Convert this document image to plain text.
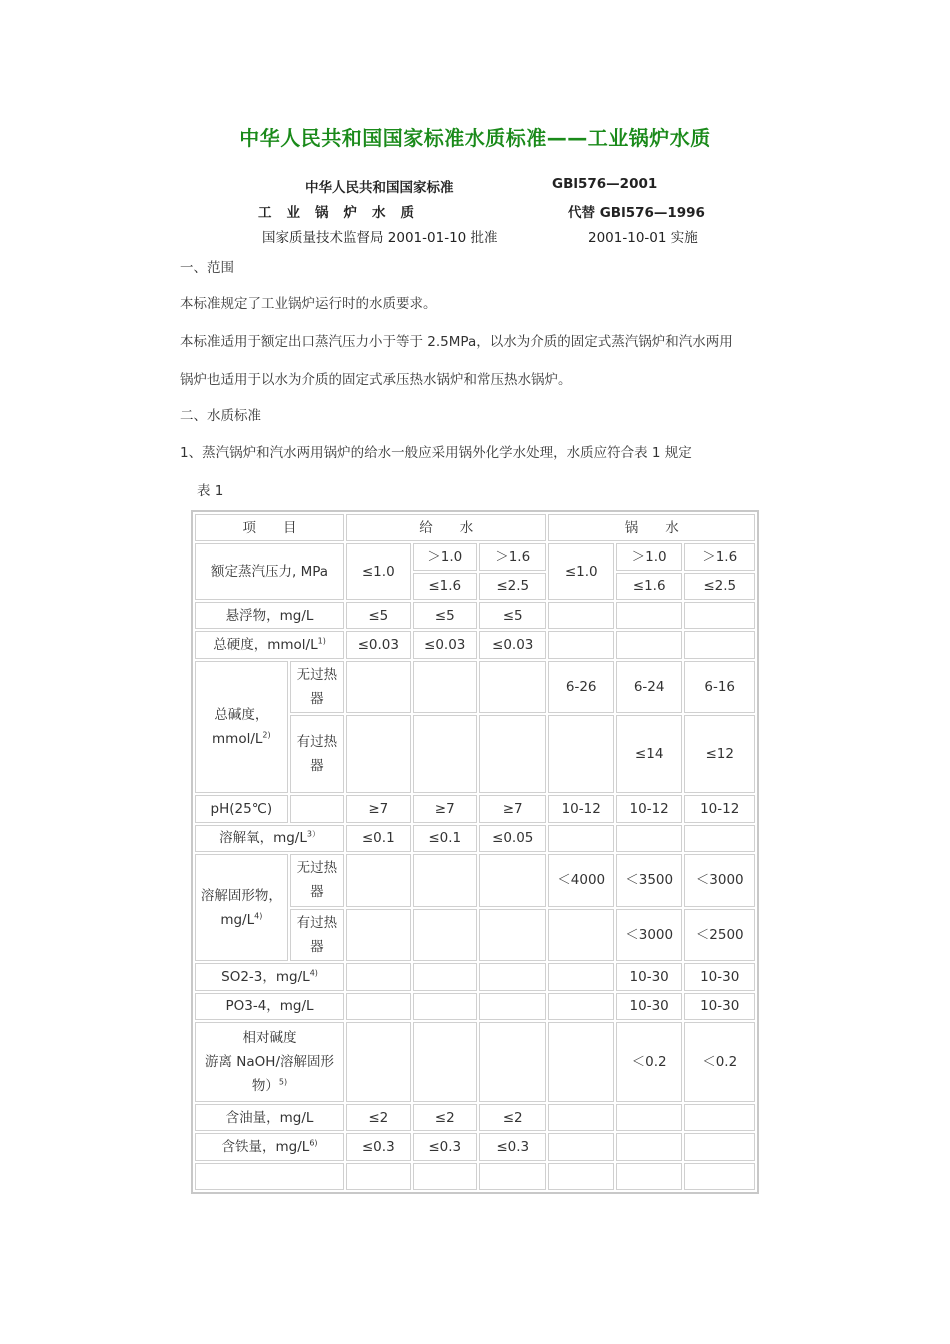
中华人民共和国国家标准水质标准——工业锅炉水质
中华人民共和国国家标准	GBl576—2001
工业锅炉水质	代替 GBl576—1996
国家质量技术监督局 2001-01-10 批准	2001-10-01 实施
一、范围
本标准规定了工业锅炉运行时的水质要求。
本标准适用于额定出口蒸汽压力小于等于 2.5MPa，以水为介质的固定式蒸汽锅炉和汽水两用
锅炉也适用于以水为介质的固定式承压热水锅炉和常压热水锅炉。
二、水质标准
1、蒸汽锅炉和汽水两用锅炉的给水一般应采用锅外化学水处理，水质应符合表 1 规定
表 1
项　　目		给　　水			锅　　水		
额定蒸汽压力, MPa		≤1.0	＞1.0	＞1.6	≤1.0	＞1.0	＞1.6
			≤1.6	≤2.5		≤1.6	≤2.5
悬浮物，mg/L		≤5	≤5	≤5			
总硬度，mmol/L$^{1)}$		≤0.03	≤0.03	≤0.03			
总碱度，
mmol/L$^{2)}$	无过热器				6-26	6-24	6-16
	有过热器					≤14	≤12
pH(25℃)		≥7	≥7	≥7	10-12	10-12	10-12
溶解氧，mg/L$^{3)}$		≤0.1	≤0.1	≤0.05			
溶解固形物，
mg/L$^{4)}$	无过热器				＜4000	＜3500	＜3000
	有过热器					＜3000	＜2500
SO2-3，mg/L$^{4)}$						10-30	10-30
PO3-4，mg/L						10-30	10-30
相对碱度
游离 NaOH/溶解固形
物）$^{5)}$						＜0.2	＜0.2
含油量，mg/L		≤2	≤2	≤2			
含铁量，mg/L$^{6)}$		≤0.3	≤0.3	≤0.3			
